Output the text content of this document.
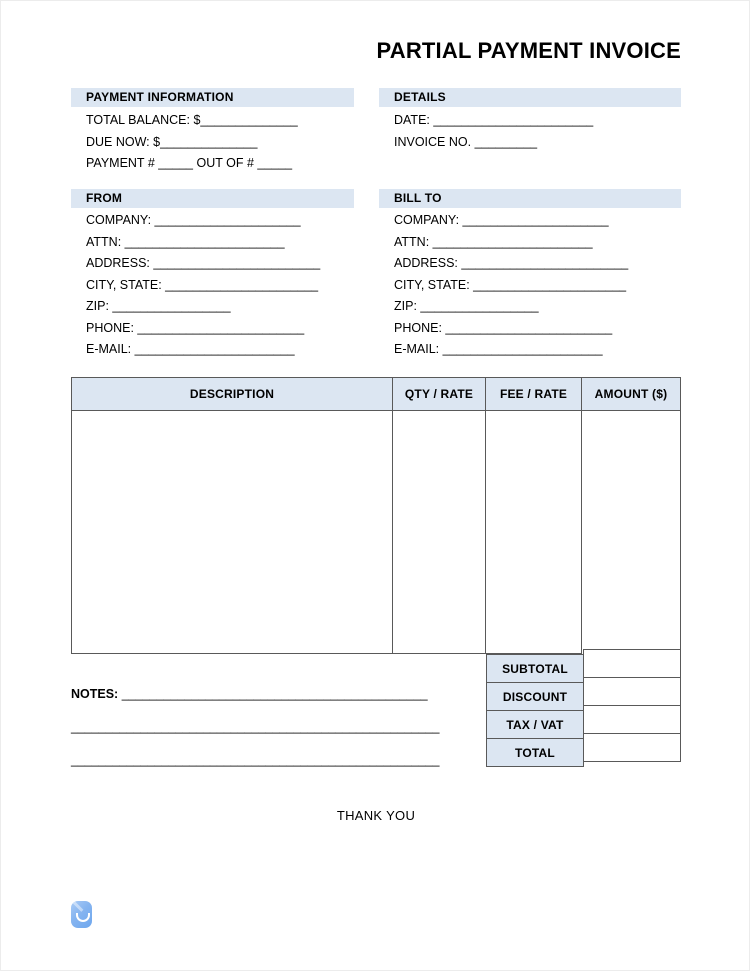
PARTIAL PAYMENT INVOICE
PAYMENT INFORMATION	DETAILS
TOTAL BALANCE: $______________
DUE NOW: $______________
PAYMENT # _____ OUT OF # _____
DATE: _______________________
INVOICE NO. _________
FROM	BILL TO
COMPANY: _____________________
ATTN: _______________________
ADDRESS: ________________________
CITY, STATE: ______________________
ZIP: _________________
PHONE: ________________________
E-MAIL: _______________________
COMPANY: _____________________
ATTN: _______________________
ADDRESS: ________________________
CITY, STATE: ______________________
ZIP: _________________
PHONE: ________________________
E-MAIL: _______________________
DESCRIPTION	QTY / RATE	FEE / RATE	AMOUNT ($)
SUBTOTAL
DISCOUNT
TAX / VAT
TOTAL
NOTES: ____________________________________________
_____________________________________________________
_____________________________________________________
THANK YOU
